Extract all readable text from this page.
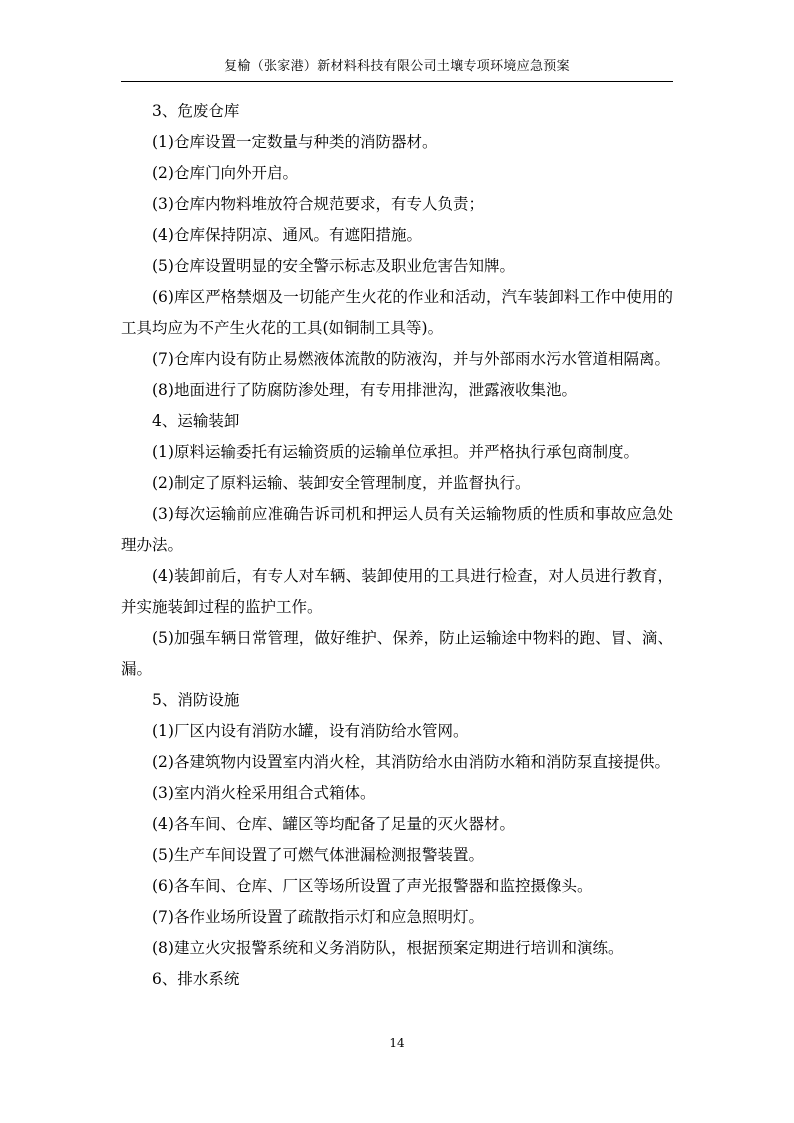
复榆（张家港）新材料科技有限公司土壤专项环境应急预案

3、危废仓库

(1)仓库设置一定数量与种类的消防器材。

(2)仓库门向外开启。

(3)仓库内物料堆放符合规范要求，有专人负责；

(4)仓库保持阴凉、通风。有遮阳措施。

(5)仓库设置明显的安全警示标志及职业危害告知牌。

(6)库区严格禁烟及一切能产生火花的作业和活动，汽车装卸料工作中使用的工具均应为不产生火花的工具(如铜制工具等)。

(7)仓库内设有防止易燃液体流散的防液沟，并与外部雨水污水管道相隔离。

(8)地面进行了防腐防渗处理，有专用排泄沟，泄露液收集池。

4、运输装卸

(1)原料运输委托有运输资质的运输单位承担。并严格执行承包商制度。

(2)制定了原料运输、装卸安全管理制度，并监督执行。

(3)每次运输前应准确告诉司机和押运人员有关运输物质的性质和事故应急处理办法。

(4)装卸前后，有专人对车辆、装卸使用的工具进行检查，对人员进行教育，并实施装卸过程的监护工作。

(5)加强车辆日常管理，做好维护、保养，防止运输途中物料的跑、冒、滴、漏。

5、消防设施

(1)厂区内设有消防水罐，设有消防给水管网。

(2)各建筑物内设置室内消火栓，其消防给水由消防水箱和消防泵直接提供。

(3)室内消火栓采用组合式箱体。

(4)各车间、仓库、罐区等均配备了足量的灭火器材。

(5)生产车间设置了可燃气体泄漏检测报警装置。

(6)各车间、仓库、厂区等场所设置了声光报警器和监控摄像头。

(7)各作业场所设置了疏散指示灯和应急照明灯。

(8)建立火灾报警系统和义务消防队，根据预案定期进行培训和演练。

6、排水系统

14
